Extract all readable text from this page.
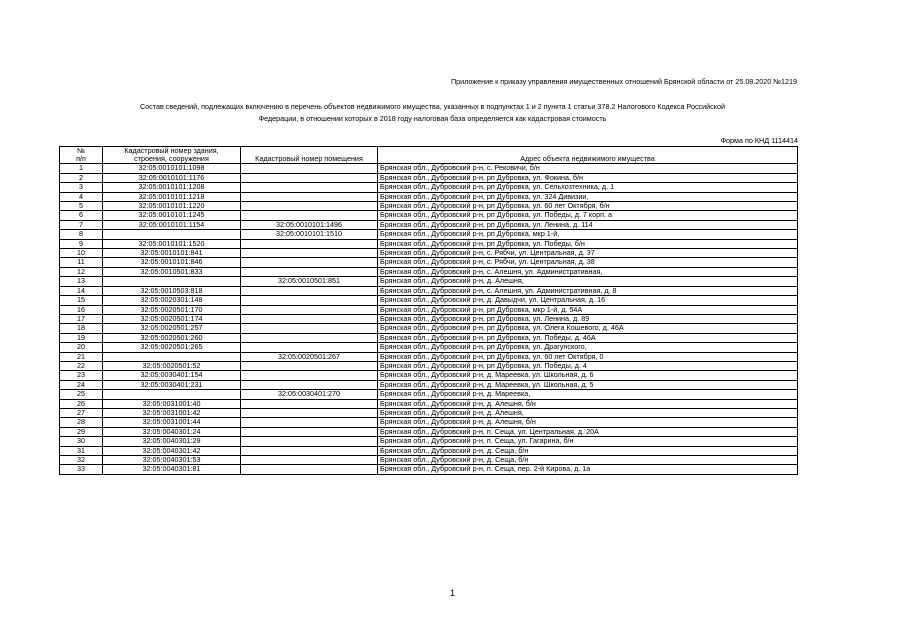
Приложение к приказу управления имущественных отношений Брянской области от 25.08.2020 №1219
Состав сведений, подлежащих включению в перечень объектов недвижимого имущества, указанных в подпунктах 1 и 2 пункта 1 статьи 378.2 Налогового Кодекса Российской
Федерации, в отношении которых в 2018 году налоговая база определяется как кадастровая стоимость
Форма по КНД 1114414
№	Кадастровый номер здания,		
п/п	строения, сооружения	Кадастровый номер помещения	Адрес объекта недвижимого имущества
1	32:05:0010101:1098		Брянская обл., Дубровский р-н, с. Рековичи, б/н
2	32:05:0010101:1176		Брянская обл., Дубровский р-н, рп Дубровка, ул. Фокина, б/н
3	32:05:0010101:1208		Брянская обл., Дубровский р-н, рп Дубровка, ул. Сельхозтехника, д. 1
4	32:05:0010101:1218		Брянская обл., Дубровский р-н, рп Дубровка, ул. 324 Дивизии,
5	32:05:0010101:1220		Брянская обл., Дубровский р-н, рп Дубровка, ул. 60 лет Октября, б/н
6	32:05:0010101:1245		Брянская обл., Дубровский р-н, рп Дубровка, ул. Победы, д. 7 корп. а
7	32:05:0010101:1154	32:05:0010101:1496	Брянская обл., Дубровский р-н, рп Дубровка, ул. Ленина, д. 114
8		32:05:0010101:1510	Брянская обл., Дубровский р-н, рп Дубровка, мкр 1-й,
9	32:05:0010101:1520		Брянская обл., Дубровский р-н, рп Дубровка, ул. Победы, б/н
10	32:05:0010101:841		Брянская обл., Дубровский р-н, с. Рябчи, ул. Центральная, д. 37
11	32:05:0010101:846		Брянская обл., Дубровский р-н, с. Рябчи, ул. Центральная, д. 38
12	32:05:0010501:833		Брянская обл., Дубровский р-н, с. Алешня, ул. Административная,
13		32:05:0010501:851	Брянская обл., Дубровский р-н, д. Алешня,
14	32:05:0010503:818		Брянская обл., Дубровский р-н, с. Алешня, ул. Административная, д. 8
15	32:05:0020301:148		Брянская обл., Дубровский р-н, д. Давыдчи, ул. Центральная, д. 16
16	32:05:0020501:170		Брянская обл., Дубровский р-н, рп Дубровка, мкр 1-й, д. 54А
17	32:05:0020501:174		Брянская обл., Дубровский р-н, рп Дубровка, ул. Ленина, д. 89
18	32:05:0020501:257		Брянская обл., Дубровский р-н, рп Дубровка, ул. Олега Кошевого, д. 46А
19	32:05:0020501:260		Брянская обл., Дубровский р-н, рп Дубровка, ул. Победы, д. 46А
20	32:05:0020501:265		Брянская обл., Дубровский р-н, рп Дубровка, ул. Драгунского,
21		32:05:0020501:267	Брянская обл., Дубровский р-н, рп Дубровка, ул. 60 лет Октября, 0
22	32:05:0020501:52		Брянская обл., Дубровский р-н, рп Дубровка, ул. Победы, д. 4
23	32:05:0030401:154		Брянская обл., Дубровский р-н, д. Мареевка, ул. Школьная, д. 6
24	32:05:0030401:231		Брянская обл., Дубровский р-н, д. Мареевка, ул. Школьная, д. 5
25		32:05:0030401:270	Брянская обл., Дубровский р-н, д. Мареевка,
26	32:05:0031001:40		Брянская обл., Дубровский р-н, д. Алешня, б/н
27	32:05:0031001:42		Брянская обл., Дубровский р-н, д. Алешня,
28	32:05:0031001:44		Брянская обл., Дубровский р-н, д. Алешня, б/н
29	32:05:0040301:24		Брянская обл., Дубровский р-н, п. Сеща, ул. Центральная, д. 20А
30	32:05:0040301:29		Брянская обл., Дубровский р-н, п. Сеща, ул. Гагарина, б/н
31	32:05:0040301:42		Брянская обл., Дубровский р-н, д. Сеща, б/н
32	32:05:0040301:53		Брянская обл., Дубровский р-н, д. Сеща, б/н
33	32:05:0040301:81		Брянская обл., Дубровский р-н, п. Сеща, пер. 2-й Кирова, д. 1а
1
